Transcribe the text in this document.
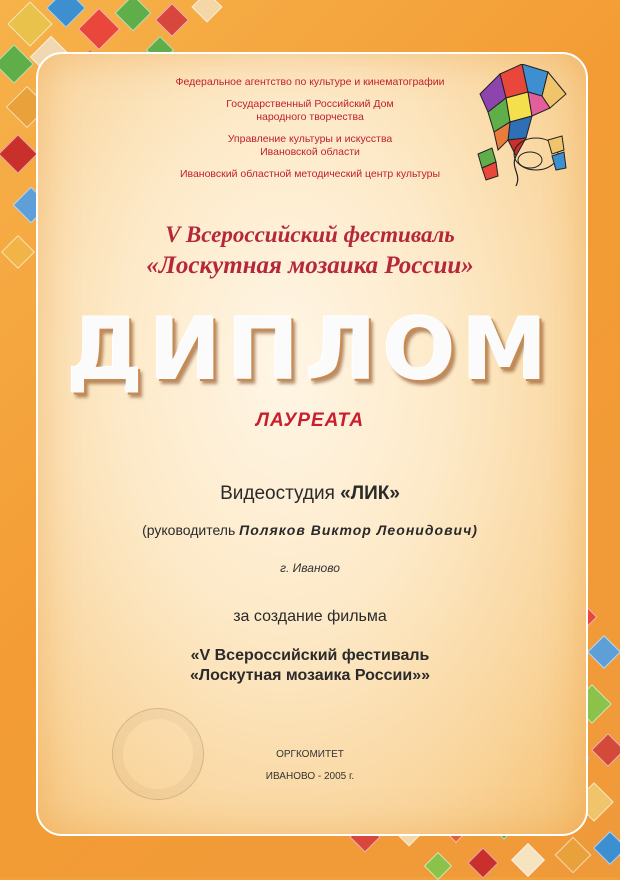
Федеральное агентство по культуре и кинематографии
Государственный Российский Дом
народного творчества
Управление культуры и искусства
Ивановской области
Ивановский областной методический центр культуры
V Всероссийский фестиваль
«Лоскутная мозаика России»
ДИПЛОМ
ЛАУРЕАТА
Видеостудия «ЛИК»
(руководитель Поляков Виктор Леонидович)
г. Иваново
за создание фильма
«V Всероссийский фестиваль
«Лоскутная мозаика России»»
ОРГКОМИТЕТ
ИВАНОВО - 2005 г.
